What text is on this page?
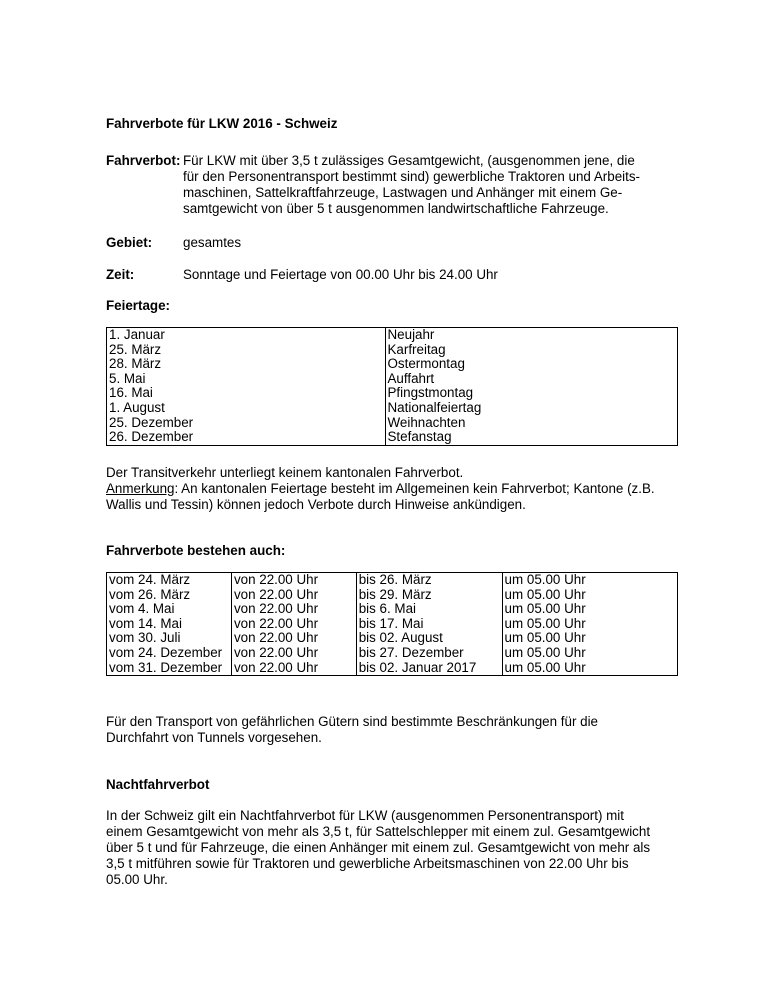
Fahrverbote für LKW 2016 - Schweiz
Fahrverbot: Für LKW mit über 3,5 t zulässiges Gesamtgewicht, (ausgenommen jene, die
für den Personentransport bestimmt sind) gewerbliche Traktoren und Arbeits-
maschinen, Sattelkraftfahrzeuge, Lastwagen und Anhänger mit einem Ge-
samtgewicht von über 5 t ausgenommen landwirtschaftliche Fahrzeuge.
Gebiet:	gesamtes
Zeit:	Sonntage und Feiertage von 00.00 Uhr bis 24.00 Uhr
Feiertage:
1. Januar	Neujahr
25. März	Karfreitag
28. März	Ostermontag
5. Mai	Auffahrt
16. Mai	Pfingstmontag
1. August	Nationalfeiertag
25. Dezember	Weihnachten
26. Dezember	Stefanstag
Der Transitverkehr unterliegt keinem kantonalen Fahrverbot.
Anmerkung: An kantonalen Feiertage besteht im Allgemeinen kein Fahrverbot; Kantone (z.B.
Wallis und Tessin) können jedoch Verbote durch Hinweise ankündigen.
Fahrverbote bestehen auch:
vom 24. März	von 22.00 Uhr	bis 26. März	um 05.00 Uhr
vom 26. März	von 22.00 Uhr	bis 29. März	um 05.00 Uhr
vom 4. Mai	von 22.00 Uhr	bis 6. Mai	um 05.00 Uhr
vom 14. Mai	von 22.00 Uhr	bis 17. Mai	um 05.00 Uhr
vom 30. Juli	von 22.00 Uhr	bis 02. August	um 05.00 Uhr
vom 24. Dezember	von 22.00 Uhr	bis 27. Dezember	um 05.00 Uhr
vom 31. Dezember	von 22.00 Uhr	bis 02. Januar 2017	um 05.00 Uhr
Für den Transport von gefährlichen Gütern sind bestimmte Beschränkungen für die
Durchfahrt von Tunnels vorgesehen.
Nachtfahrverbot
In der Schweiz gilt ein Nachtfahrverbot für LKW (ausgenommen Personentransport) mit
einem Gesamtgewicht von mehr als 3,5 t, für Sattelschlepper mit einem zul. Gesamtgewicht
über 5 t und für Fahrzeuge, die einen Anhänger mit einem zul. Gesamtgewicht von mehr als
3,5 t mitführen sowie für Traktoren und gewerbliche Arbeitsmaschinen von 22.00 Uhr bis
05.00 Uhr.
